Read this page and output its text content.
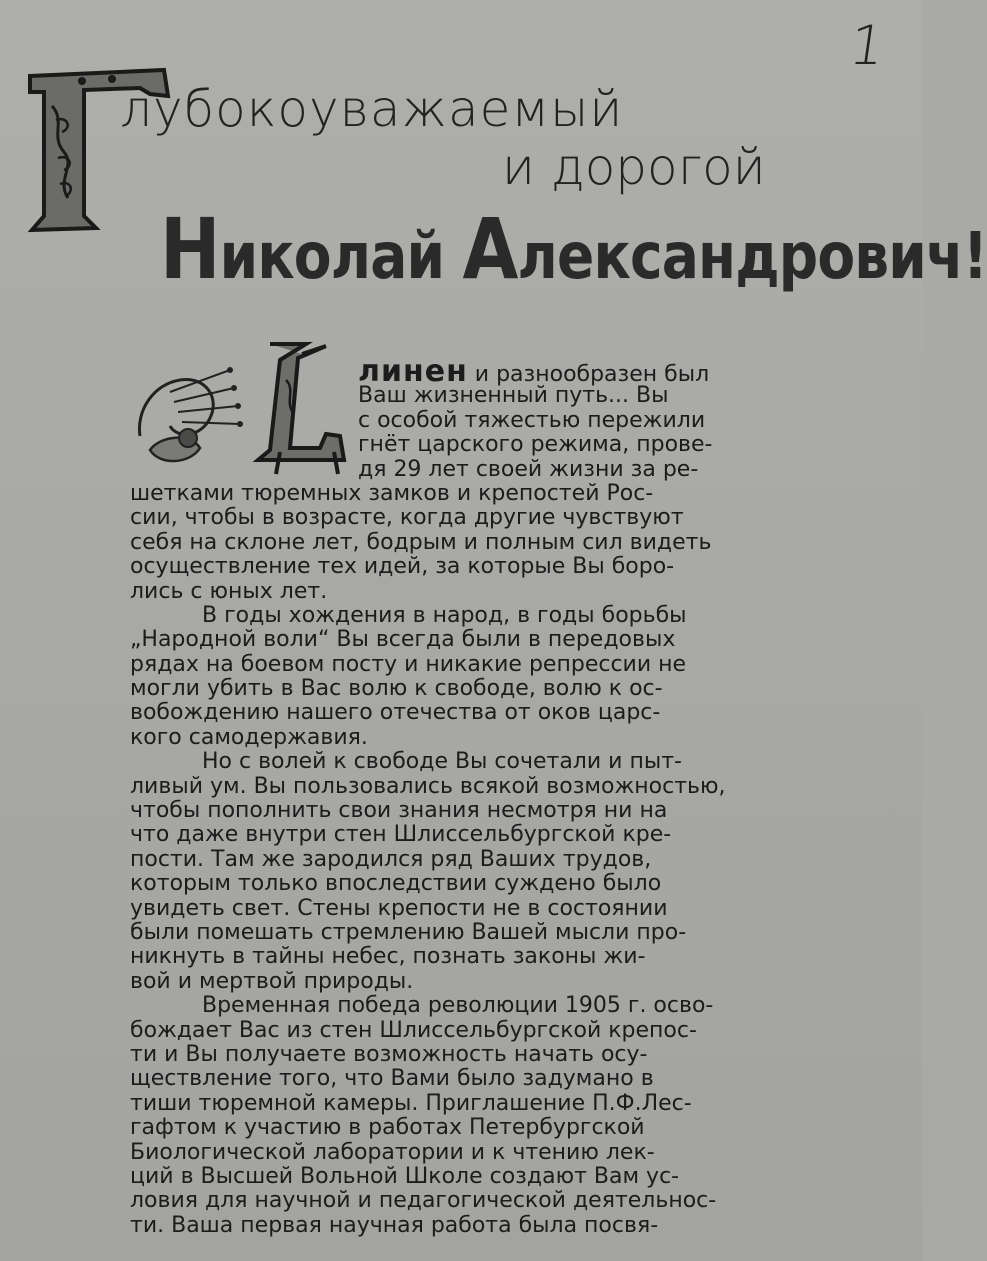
1
лубокоуважаемый
и дорогой
Николай Александрович!
линен и разнообразен был
Ваш жизненный путь... Вы
с особой тяжестью пережили
гнёт царского режима, прове-
дя 29 лет своей жизни за ре-
шетками тюремных замков и крепостей Рос-
сии, чтобы в возрасте, когда другие чувствуют
себя на склоне лет, бодрым и полным сил видеть
осуществление тех идей, за которые Вы боро-
лись с юных лет.
В годы хождения в народ, в годы борьбы
„Народной воли“ Вы всегда были в передовых
рядах на боевом посту и никакие репрессии не
могли убить в Вас волю к свободе, волю к ос-
вобождению нашего отечества от оков царс-
кого самодержавия.
Но с волей к свободе Вы сочетали и пыт-
ливый ум. Вы пользовались всякой возможностью,
чтобы пополнить свои знания несмотря ни на
что даже внутри стен Шлиссельбургской кре-
пости. Там же зародился ряд Ваших трудов,
которым только впоследствии суждено было
увидеть свет. Стены крепости не в состоянии
были помешать стремлению Вашей мысли про-
никнуть в тайны небес, познать законы жи-
вой и мертвой природы.
Временная победа революции 1905 г. осво-
бождает Вас из стен Шлиссельбургской крепос-
ти и Вы получаете возможность начать осу-
ществление того, что Вами было задумано в
тиши тюремной камеры. Приглашение П.Ф.Лес-
гафтом к участию в работах Петербургской
Биологической лаборатории и к чтению лек-
ций в Высшей Вольной Школе создают Вам ус-
ловия для научной и педагогической деятельнос-
ти. Ваша первая научная работа была посвя-
